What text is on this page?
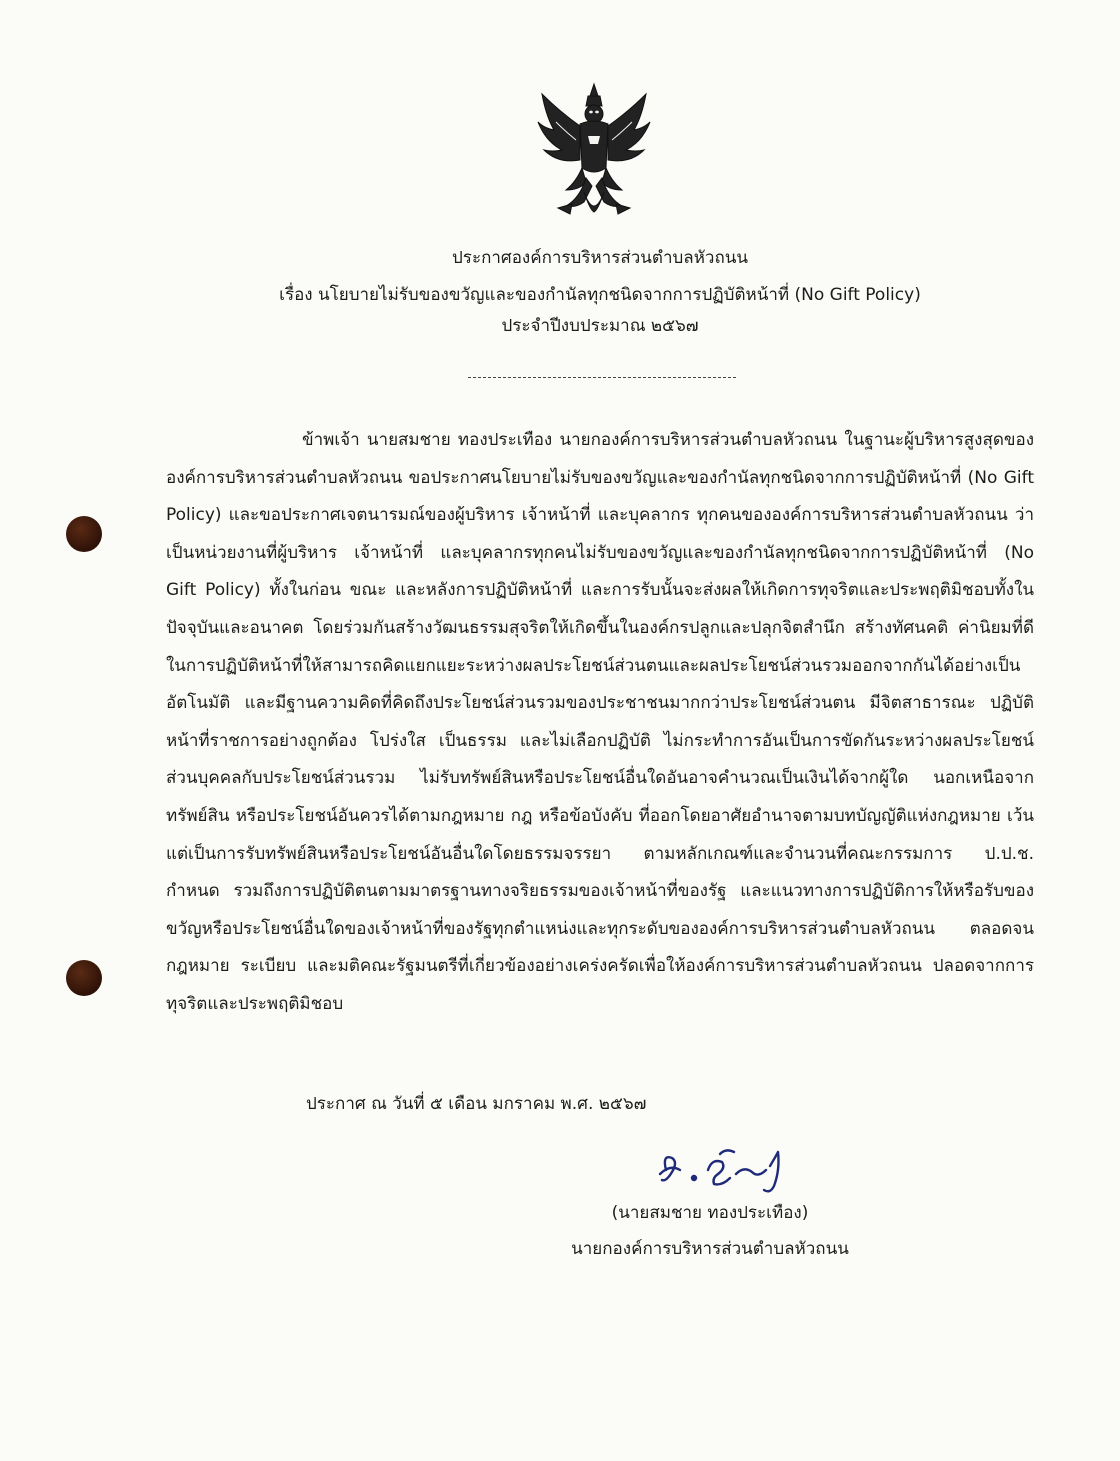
ประกาศองค์การบริหารส่วนตำบลหัวถนน
เรื่อง นโยบายไม่รับของขวัญและของกำนัลทุกชนิดจากการปฏิบัติหน้าที่ (No Gift Policy)
ประจำปีงบประมาณ ๒๕๖๗
ข้าพเจ้า นายสมชาย ทองประเทือง นายกองค์การบริหารส่วนตำบลหัวถนน ในฐานะผู้บริหารสูงสุดขององค์การบริหารส่วนตำบลหัวถนน ขอประกาศนโยบายไม่รับของขวัญและของกำนัลทุกชนิดจากการปฏิบัติหน้าที่ (No Gift Policy) และขอประกาศเจตนารมณ์ของผู้บริหาร เจ้าหน้าที่ และบุคลากร ทุกคนขององค์การบริหารส่วนตำบลหัวถนน ว่าเป็นหน่วยงานที่ผู้บริหาร เจ้าหน้าที่ และบุคลากรทุกคนไม่รับของขวัญและของกำนัลทุกชนิดจากการปฏิบัติหน้าที่ (No Gift Policy) ทั้งในก่อน ขณะ และหลังการปฏิบัติหน้าที่ และการรับนั้นจะส่งผลให้เกิดการทุจริตและประพฤติมิชอบทั้งในปัจจุบันและอนาคต โดยร่วมกันสร้างวัฒนธรรมสุจริตให้เกิดขึ้นในองค์กรปลูกและปลุกจิตสำนึก สร้างทัศนคติ ค่านิยมที่ดี ในการปฏิบัติหน้าที่ให้สามารถคิดแยกแยะระหว่างผลประโยชน์ส่วนตนและผลประโยชน์ส่วนรวมออกจากกันได้อย่างเป็นอัตโนมัติ และมีฐานความคิดที่คิดถึงประโยชน์ส่วนรวมของประชาชนมากกว่าประโยชน์ส่วนตน มีจิตสาธารณะ ปฏิบัติหน้าที่ราชการอย่างถูกต้อง โปร่งใส เป็นธรรม และไม่เลือกปฏิบัติ ไม่กระทำการอันเป็นการขัดกันระหว่างผลประโยชน์ส่วนบุคคลกับประโยชน์ส่วนรวม ไม่รับทรัพย์สินหรือประโยชน์อื่นใดอันอาจคำนวณเป็นเงินได้จากผู้ใด นอกเหนือจากทรัพย์สิน หรือประโยชน์อันควรได้ตามกฎหมาย กฎ หรือข้อบังคับ ที่ออกโดยอาศัยอำนาจตามบทบัญญัติแห่งกฎหมาย เว้นแต่เป็นการรับทรัพย์สินหรือประโยชน์อันอื่นใดโดยธรรมจรรยา ตามหลักเกณฑ์และจำนวนที่คณะกรรมการ ป.ป.ช. กำหนด รวมถึงการปฏิบัติตนตามมาตรฐานทางจริยธรรมของเจ้าหน้าที่ของรัฐ และแนวทางการปฏิบัติการให้หรือรับของขวัญหรือประโยชน์อื่นใดของเจ้าหน้าที่ของรัฐทุกตำแหน่งและทุกระดับขององค์การบริหารส่วนตำบลหัวถนน ตลอดจนกฎหมาย ระเบียบ และมติคณะรัฐมนตรีที่เกี่ยวข้องอย่างเคร่งครัดเพื่อให้องค์การบริหารส่วนตำบลหัวถนน ปลอดจากการทุจริตและประพฤติมิชอบ
ประกาศ ณ วันที่ ๕ เดือน มกราคม พ.ศ. ๒๕๖๗
(นายสมชาย ทองประเทือง)
นายกองค์การบริหารส่วนตำบลหัวถนน
